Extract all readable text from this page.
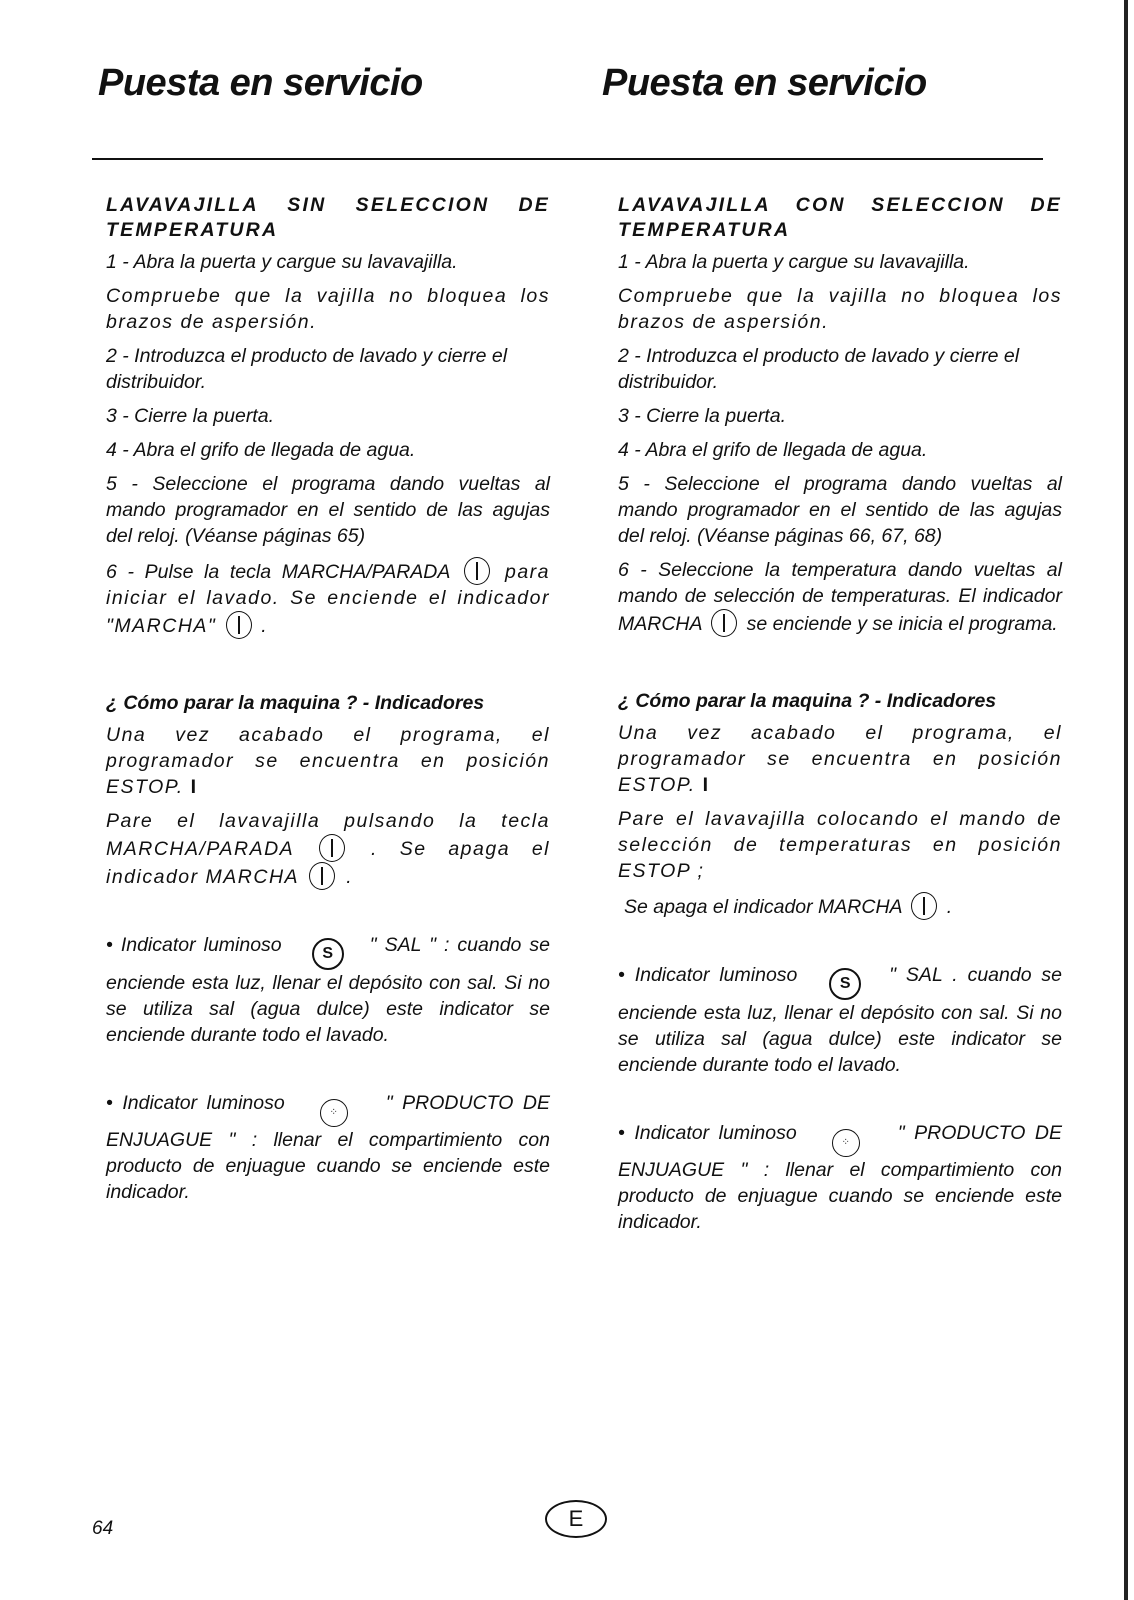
Puesta en servicio	Puesta en servicio
LAVAVAJILLA SIN SELECCION DE TEMPERATURA

1 - Abra la puerta y cargue su lavavajilla.

Compruebe que la vajilla no bloquea los brazos de aspersión.

2 - Introduzca el producto de lavado y cierre el distribuidor.

3 - Cierre la puerta.

4 - Abra el grifo de llegada de agua.

5 - Seleccione el programa dando vueltas al mando programador en el sentido de las agujas del reloj. (Véanse páginas 65)

6 - Pulse la tecla MARCHA/PARADA	para iniciar el lavado. Se enciende el indicador "MARCHA" .

¿ Cómo parar la maquina ? - Indicadores

Una vez acabado el programa, el programador se encuentra en posición ESTOP. I

Pare el lavavajilla pulsando la tecla MARCHA/PARADA	. Se apaga el indicador MARCHA .

• Indicator luminoso	S " SAL " : cuando se enciende esta luz, llenar el depósito con sal. Si no se utiliza sal (agua dulce) este indicator se enciende durante todo el lavado.

• Indicator luminoso	⁘ " PRODUCTO DE ENJUAGUE " : llenar el compartimiento con producto de enjuague cuando se enciende este indicador.

LAVAVAJILLA CON SELECCION DE TEMPERATURA

1 - Abra la puerta y cargue su lavavajilla.

Compruebe que la vajilla no bloquea los brazos de aspersión.

2 - Introduzca el producto de lavado y cierre el distribuidor.

3 - Cierre la puerta.

4 - Abra el grifo de llegada de agua.

5 - Seleccione el programa dando vueltas al mando programador en el sentido de las agujas del reloj. (Véanse páginas 66, 67, 68)

6 - Seleccione la temperatura dando vueltas al mando de selección de temperaturas. El indicador MARCHA se enciende y se inicia el programa.

¿ Cómo parar la maquina ? - Indicadores

Una vez acabado el programa, el programador se encuentra en posición ESTOP. I

Pare el lavavajilla colocando el mando de selección de temperaturas en posición ESTOP ;

Se apaga el indicador MARCHA .

• Indicator luminoso	S " SAL . cuando se enciende esta luz, llenar el depósito con sal. Si no se utiliza sal (agua dulce) este indicator se enciende durante todo el lavado.

• Indicator luminoso	⁘ " PRODUCTO DE ENJUAGUE " : llenar el compartimiento con producto de enjuague cuando se enciende este indicador.

64	E
